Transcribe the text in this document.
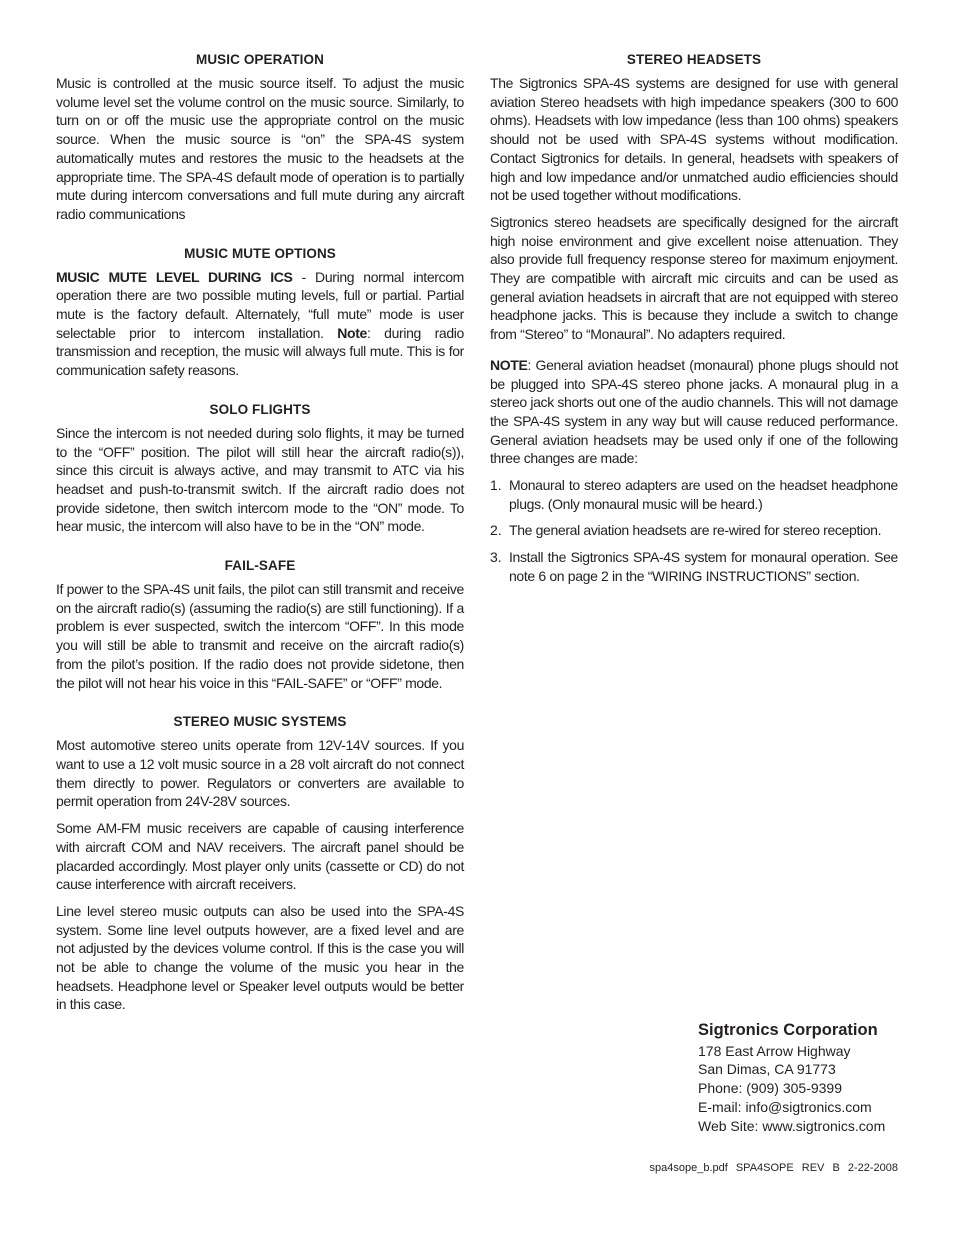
MUSIC OPERATION

Music is controlled at the music source itself. To adjust the music volume level set the volume control on the music source. Similarly, to turn on or off the music use the appropriate control on the music source. When the music source is “on” the SPA-4S system automatically mutes and restores the music to the headsets at the appropriate time. The SPA-4S default mode of operation is to partially mute during intercom conversations and full mute during any aircraft radio communications

MUSIC MUTE OPTIONS

MUSIC MUTE LEVEL DURING ICS - During normal intercom operation there are two possible muting levels, full or partial. Partial mute is the factory default. Alternately, “full mute” mode is user selectable prior to intercom installation. Note: during radio transmission and reception, the music will always full mute. This is for communication safety reasons.

SOLO FLIGHTS

Since the intercom is not needed during solo flights, it may be turned to the “OFF” position. The pilot will still hear the aircraft radio(s)), since this circuit is always active, and may transmit to ATC via his headset and push-to-transmit switch. If the aircraft radio does not provide sidetone, then switch intercom mode to the “ON” mode. To hear music, the intercom will also have to be in the “ON” mode.

FAIL-SAFE

If power to the SPA-4S unit fails, the pilot can still transmit and receive on the aircraft radio(s) (assuming the radio(s) are still functioning). If a problem is ever suspected, switch the intercom “OFF”. In this mode you will still be able to transmit and receive on the aircraft radio(s) from the pilot’s position. If the radio does not provide sidetone, then the pilot will not hear his voice in this “FAIL-SAFE” or “OFF” mode.

STEREO MUSIC SYSTEMS

Most automotive stereo units operate from 12V-14V sources. If you want to use a 12 volt music source in a 28 volt aircraft do not connect them directly to power. Regulators or converters are available to permit operation from 24V-28V sources.

Some AM-FM music receivers are capable of causing interference with aircraft COM and NAV receivers. The aircraft panel should be placarded accordingly. Most player only units (cassette or CD) do not cause interference with aircraft receivers.

Line level stereo music outputs can also be used into the SPA-4S system. Some line level outputs however, are a fixed level and are not adjusted by the devices volume control. If this is the case you will not be able to change the volume of the music you hear in the headsets. Headphone level or Speaker level outputs would be better in this case.

STEREO HEADSETS

The Sigtronics SPA-4S systems are designed for use with general aviation Stereo headsets with high impedance speakers (300 to 600 ohms). Headsets with low impedance (less than 100 ohms) speakers should not be used with SPA-4S systems without modification. Contact Sigtronics for details. In general, headsets with speakers of high and low impedance and/or unmatched audio efficiencies should not be used together without modifications.

Sigtronics stereo headsets are specifically designed for the aircraft high noise environment and give excellent noise attenuation. They also provide full frequency response stereo for maximum enjoyment. They are compatible with aircraft mic circuits and can be used as general aviation headsets in aircraft that are not equipped with stereo headphone jacks. This is because they include a switch to change from “Stereo” to “Monaural”. No adapters required.

NOTE: General aviation headset (monaural) phone plugs should not be plugged into SPA-4S stereo phone jacks. A monaural plug in a stereo jack shorts out one of the audio channels. This will not damage the SPA-4S system in any way but will cause reduced performance. General aviation headsets may be used only if one of the following three changes are made:

1. Monaural to stereo adapters are used on the headset headphone plugs. (Only monaural music will be heard.)
2. The general aviation headsets are re-wired for stereo reception.
3. Install the Sigtronics SPA-4S system for monaural operation. See note 6 on page 2 in the “WIRING INSTRUCTIONS” section.
Sigtronics Corporation
178 East Arrow Highway
San Dimas, CA 91773
Phone: (909) 305-9399
E-mail: info@sigtronics.com
Web Site: www.sigtronics.com
spa4sope_b.pdf SPA4SOPE REV B 2-22-2008
